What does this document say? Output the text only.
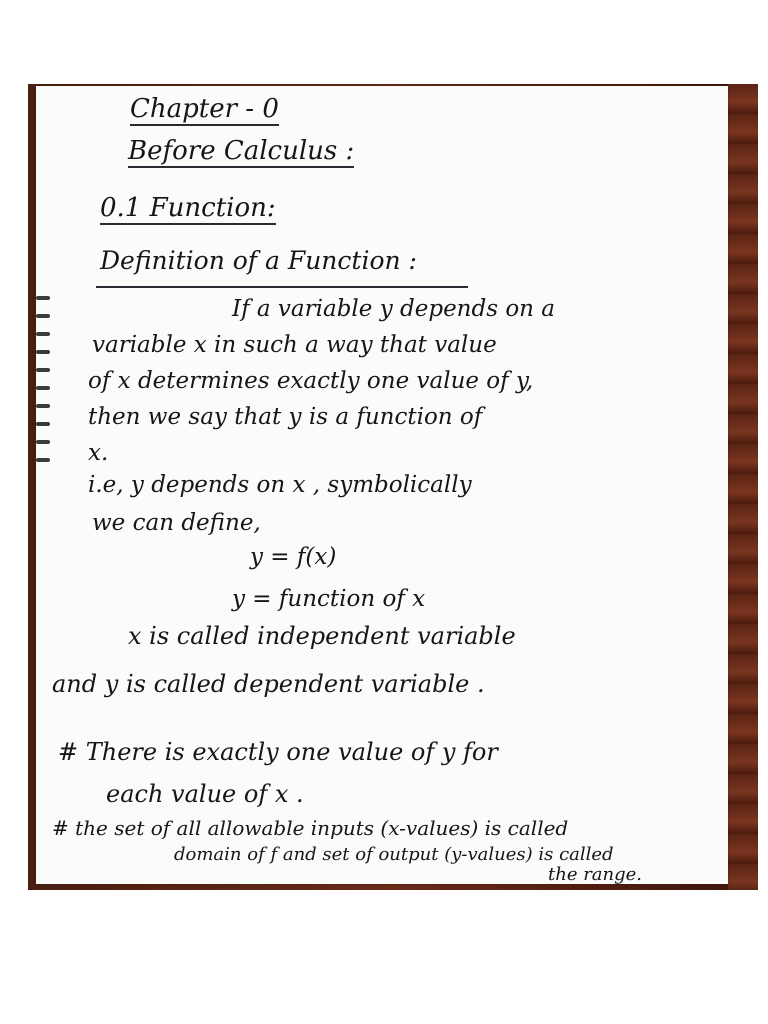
Chapter - 0
Before Calculus :
0.1 Function:
Definition of a Function :
If a variable y depends on a
variable x in such a way that value
of x determines exactly one value of y,
then we say that y is a function of
x.
i.e, y depends on x , symbolically
we can define,
y = f(x)
y = function of x
x is called independent variable
and y is called dependent variable .
# There is exactly one value of y for
each value of x .
# the set of all allowable inputs (x-values) is called
domain of f and set of output (y-values) is called
the range.
